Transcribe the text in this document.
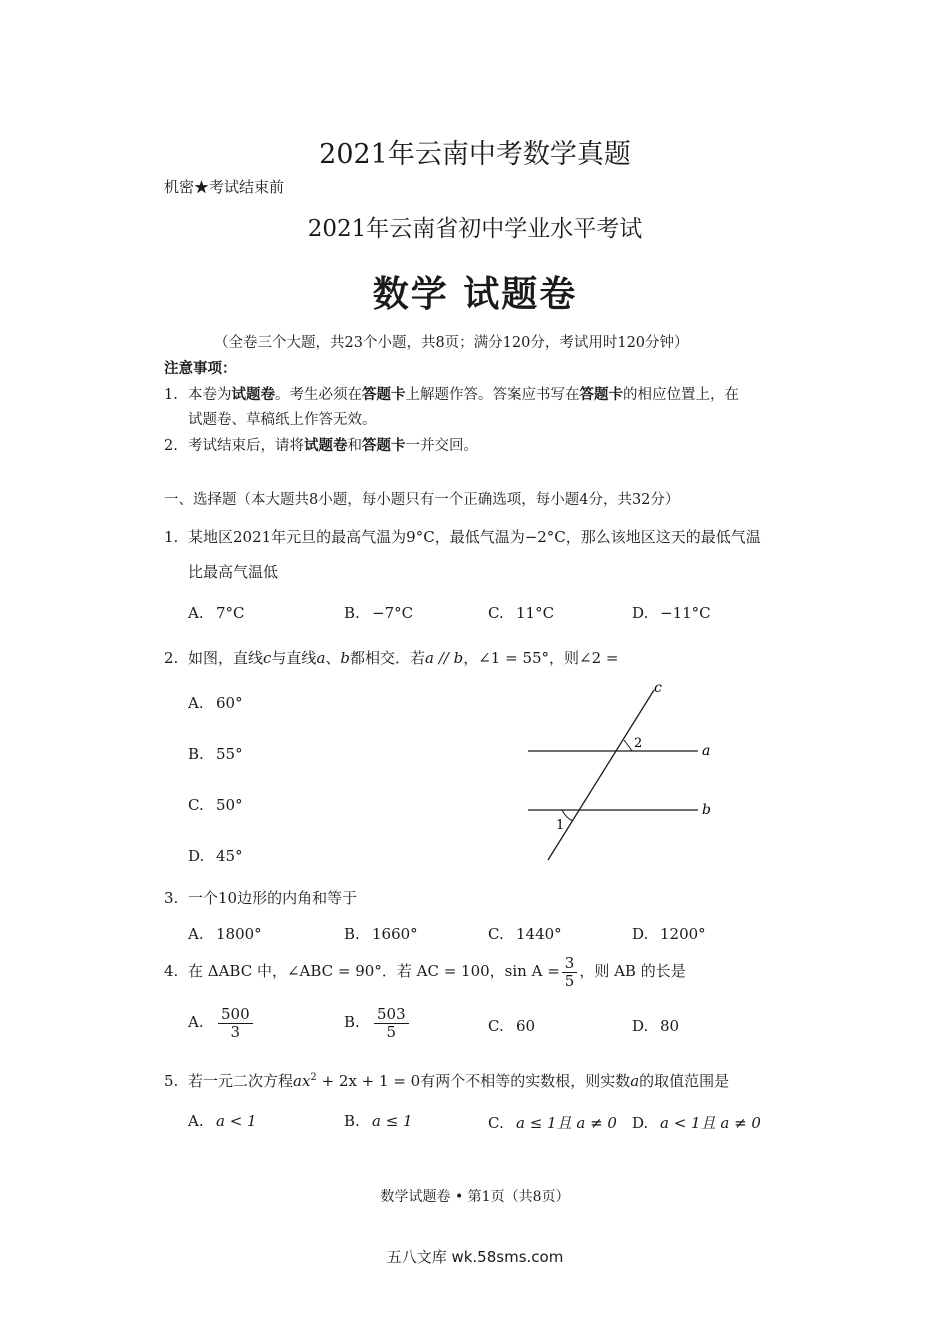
2021年云南中考数学真题
机密★考试结束前
2021年云南省初中学业水平考试
数学 试题卷
（全卷三个大题，共23个小题，共8页；满分120分，考试用时120分钟）
注意事项：
1. 本卷为试题卷。考生必须在答题卡上解题作答。答案应书写在答题卡的相应位置上，在
试题卷、草稿纸上作答无效。
2. 考试结束后，请将试题卷和答题卡一并交回。
一、选择题（本大题共8小题，每小题只有一个正确选项，每小题4分，共32分）
1. 某地区2021年元旦的最高气温为9°C，最低气温为−2°C，那么该地区这天的最低气温
比最高气温低
A. 7°C	B. −7°C	C. 11°C	D. −11°C
2. 如图，直线c与直线a、b都相交．若a // b，∠1 = 55°，则∠2 =
A. 60°
B. 55°
C. 50°
D. 45°
c
a
b
1
2
3. 一个10边形的内角和等于
A. 1800°	B. 1660°	C. 1440°	D. 1200°
4. 在 ΔABC 中，∠ABC = 90°．若 AC = 100，$\sin A = \frac{3}{5}$ ，则 AB 的长是
A. $\frac{500}{3}$	B. $\frac{503}{5}$	C. 60	D. 80
5. 若一元二次方程$ax^2 + 2x + 1 = 0$有两个不相等的实数根，则实数a的取值范围是
A. a < 1	B. a ≤ 1	C. a ≤ 1且 a ≠ 0 D. a < 1且 a ≠ 0
数学试题卷 • 第1页（共8页）
五八文库 wk.58sms.com
